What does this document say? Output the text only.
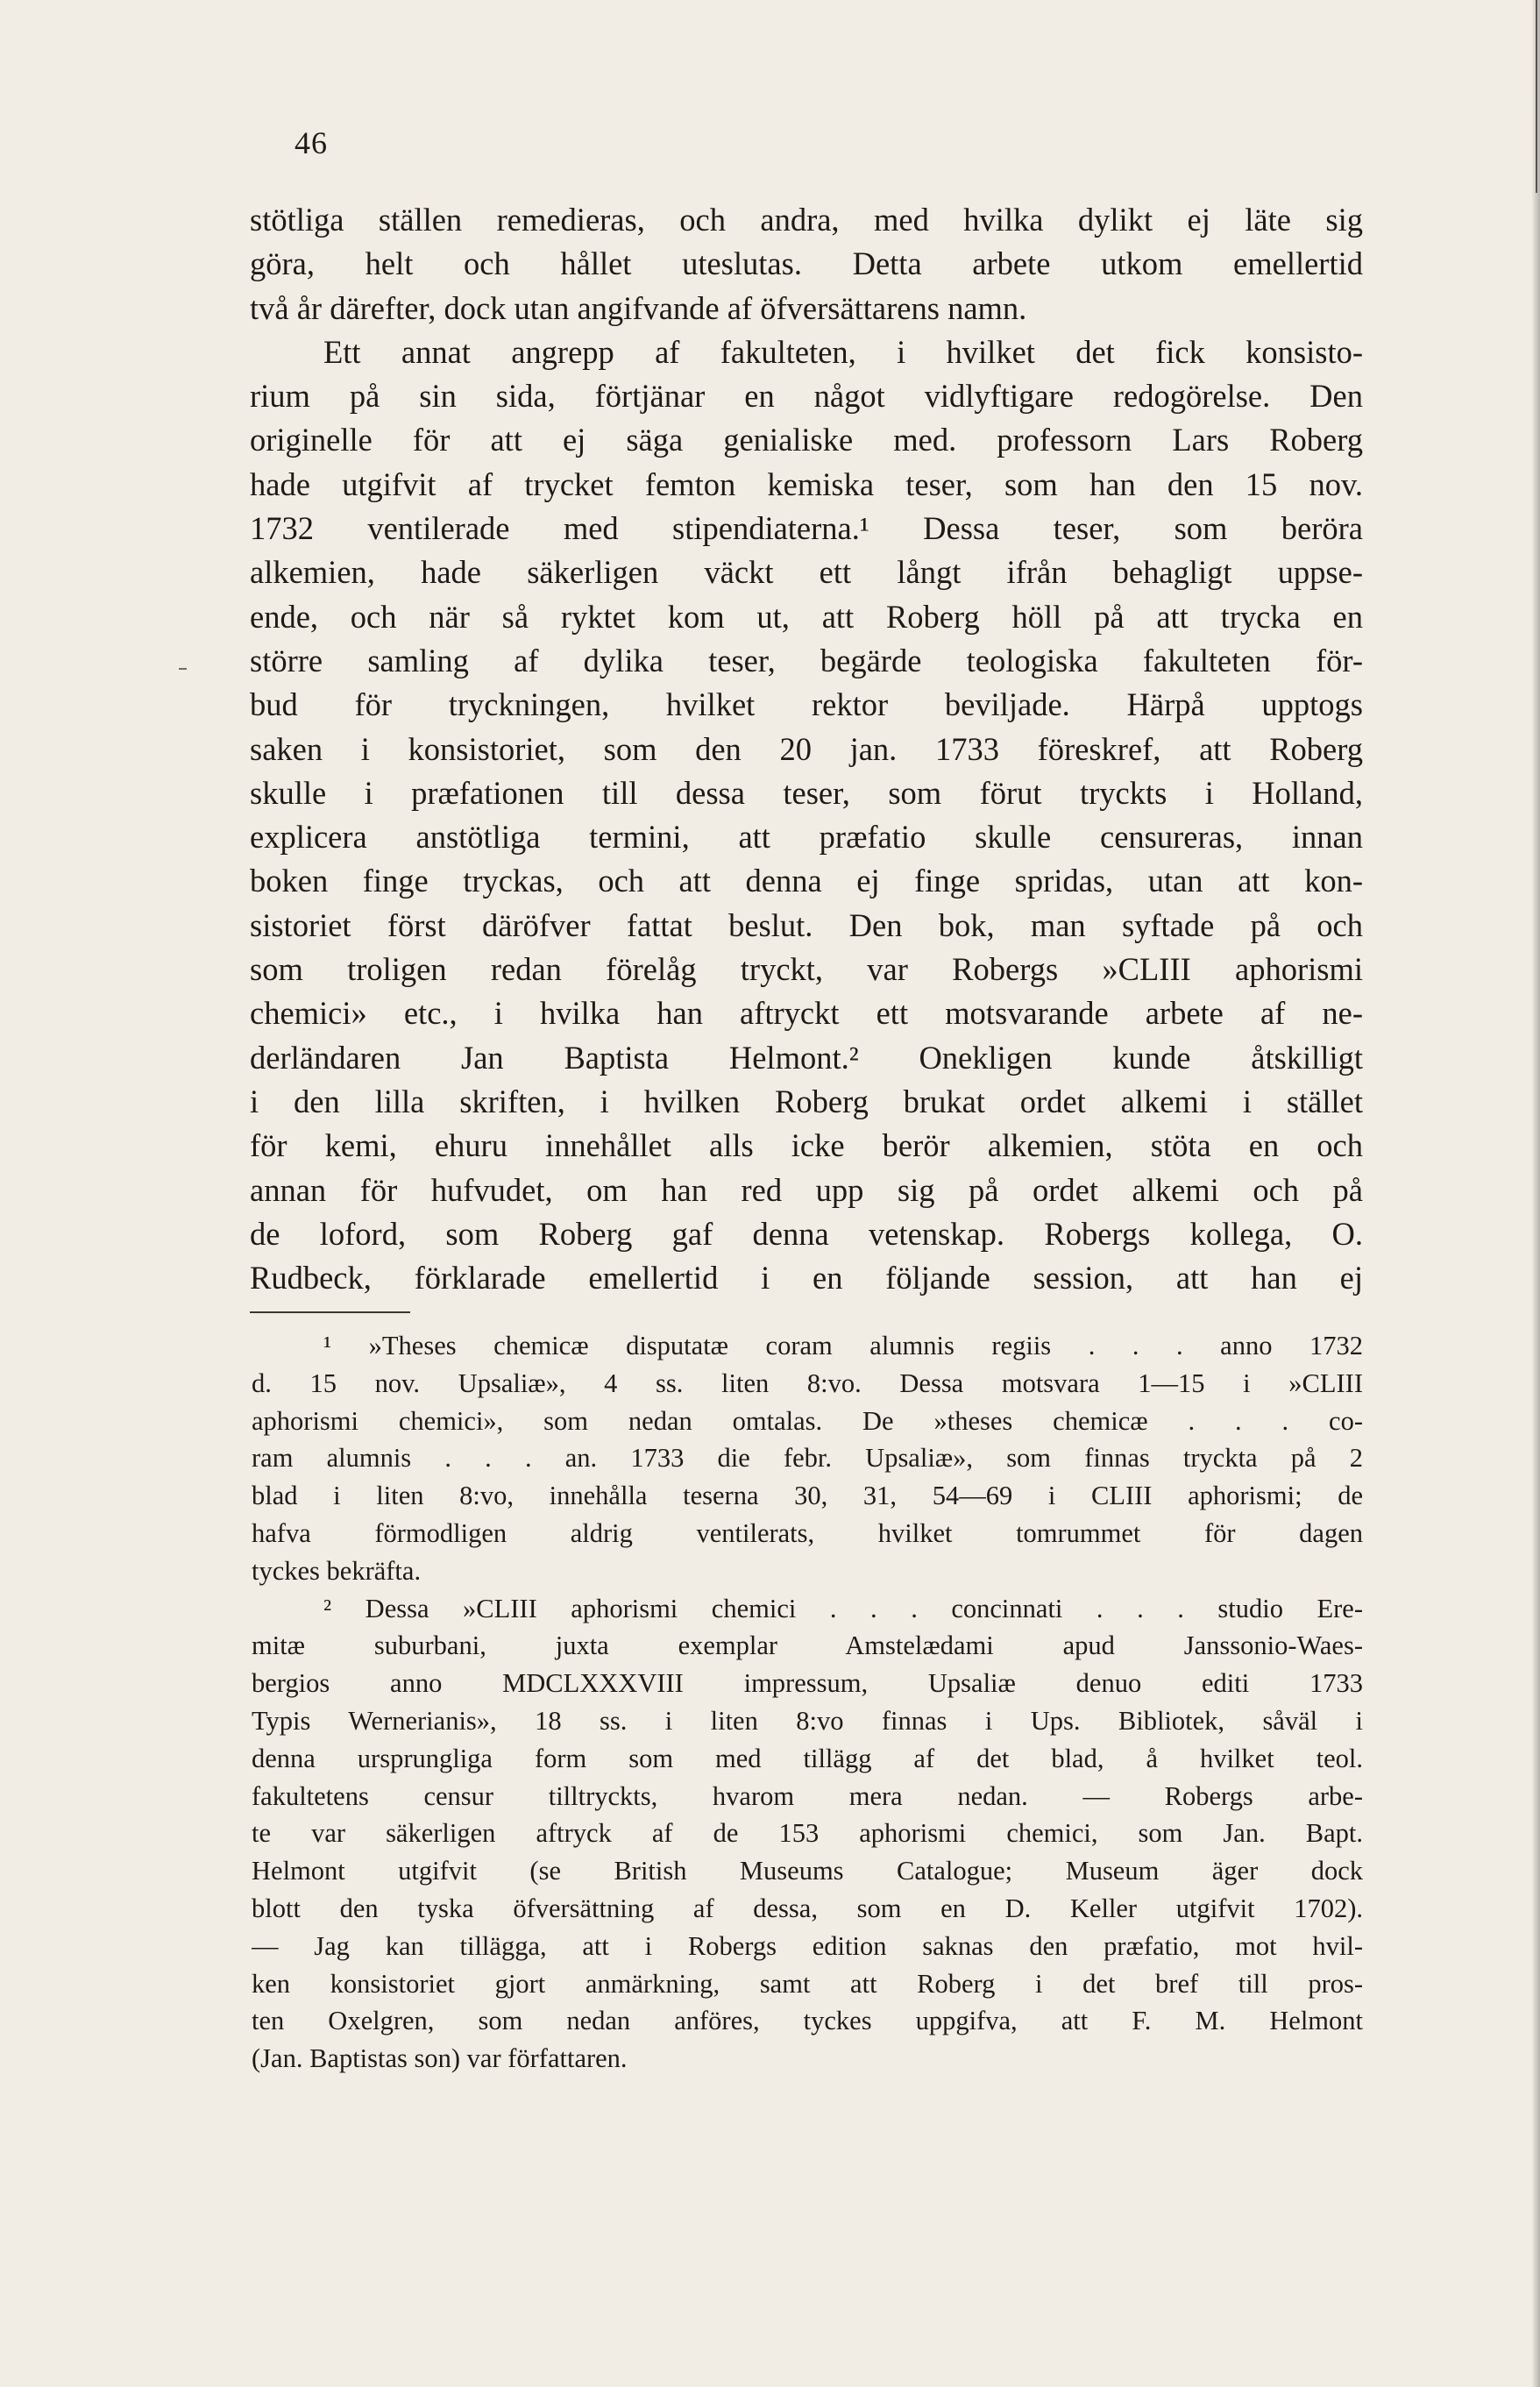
46
stötliga ställen remedieras, och andra, med hvilka dylikt ej läte sig
göra, helt och hållet uteslutas. Detta arbete utkom emellertid
två år därefter, dock utan angifvande af öfversättarens namn.
Ett annat angrepp af fakulteten, i hvilket det fick konsisto-
rium på sin sida, förtjänar en något vidlyftigare redogörelse. Den
originelle för att ej säga genialiske med. professorn Lars Roberg
hade utgifvit af trycket femton kemiska teser, som han den 15 nov.
1732 ventilerade med stipendiaterna.¹ Dessa teser, som beröra
alkemien, hade säkerligen väckt ett långt ifrån behagligt uppse-
ende, och när så ryktet kom ut, att Roberg höll på att trycka en
större samling af dylika teser, begärde teologiska fakulteten för-
bud för tryckningen, hvilket rektor beviljade. Härpå upptogs
saken i konsistoriet, som den 20 jan. 1733 föreskref, att Roberg
skulle i præfationen till dessa teser, som förut tryckts i Holland,
explicera anstötliga termini, att præfatio skulle censureras, innan
boken finge tryckas, och att denna ej finge spridas, utan att kon-
sistoriet först däröfver fattat beslut. Den bok, man syftade på och
som troligen redan förelåg tryckt, var Robergs »CLIII aphorismi
chemici» etc., i hvilka han aftryckt ett motsvarande arbete af ne-
derländaren Jan Baptista Helmont.² Onekligen kunde åtskilligt
i den lilla skriften, i hvilken Roberg brukat ordet alkemi i stället
för kemi, ehuru innehållet alls icke berör alkemien, stöta en och
annan för hufvudet, om han red upp sig på ordet alkemi och på
de loford, som Roberg gaf denna vetenskap. Robergs kollega, O.
Rudbeck, förklarade emellertid i en följande session, att han ej
¹ »Theses chemicæ disputatæ coram alumnis regiis . . . anno 1732
d. 15 nov. Upsaliæ», 4 ss. liten 8:vo. Dessa motsvara 1—15 i »CLIII
aphorismi chemici», som nedan omtalas. De »theses chemicæ . . . co-
ram alumnis . . . an. 1733 die febr. Upsaliæ», som finnas tryckta på 2
blad i liten 8:vo, innehålla teserna 30, 31, 54—69 i CLIII aphorismi; de
hafva förmodligen aldrig ventilerats, hvilket tomrummet för dagen
tyckes bekräfta.
² Dessa »CLIII aphorismi chemici . . . concinnati . . . studio Ere-
mitæ suburbani, juxta exemplar Amstelædami apud Janssonio-Waes-
bergios anno MDCLXXXVIII impressum, Upsaliæ denuo editi 1733
Typis Wernerianis», 18 ss. i liten 8:vo finnas i Ups. Bibliotek, såväl i
denna ursprungliga form som med tillägg af det blad, å hvilket teol.
fakultetens censur tilltryckts, hvarom mera nedan. — Robergs arbe-
te var säkerligen aftryck af de 153 aphorismi chemici, som Jan. Bapt.
Helmont utgifvit (se British Museums Catalogue; Museum äger dock
blott den tyska öfversättning af dessa, som en D. Keller utgifvit 1702).
— Jag kan tillägga, att i Robergs edition saknas den præfatio, mot hvil-
ken konsistoriet gjort anmärkning, samt att Roberg i det bref till pros-
ten Oxelgren, som nedan anföres, tyckes uppgifva, att F. M. Helmont
(Jan. Baptistas son) var författaren.
